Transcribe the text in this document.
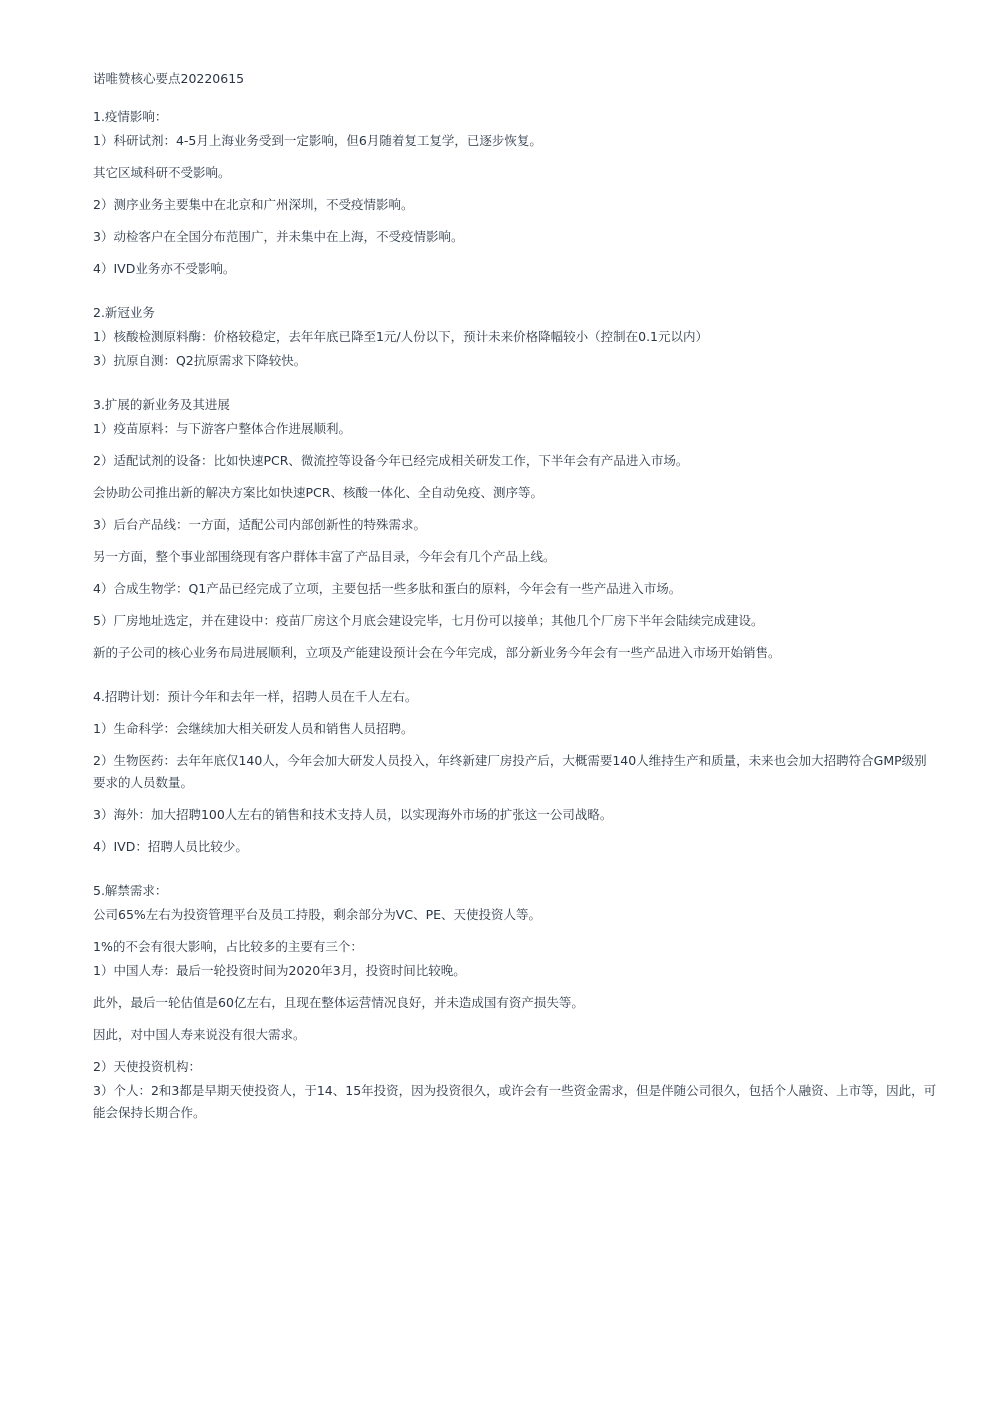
诺唯赞核心要点20220615

1.疫情影响：

1）科研试剂：4-5月上海业务受到一定影响，但6月随着复工复学，已逐步恢复。

其它区域科研不受影响。

2）测序业务主要集中在北京和广州深圳，不受疫情影响。

3）动检客户在全国分布范围广，并未集中在上海，不受疫情影响。

4）IVD业务亦不受影响。

2.新冠业务

1）核酸检测原料酶：价格较稳定，去年年底已降至1元/人份以下，预计未来价格降幅较小（控制在0.1元以内）

3）抗原自测：Q2抗原需求下降较快。

3.扩展的新业务及其进展

1）疫苗原料：与下游客户整体合作进展顺利。

2）适配试剂的设备：比如快速PCR、微流控等设备今年已经完成相关研发工作，下半年会有产品进入市场。

会协助公司推出新的解决方案比如快速PCR、核酸一体化、全自动免疫、测序等。

3）后台产品线：一方面，适配公司内部创新性的特殊需求。

另一方面，整个事业部围绕现有客户群体丰富了产品目录，今年会有几个产品上线。

4）合成生物学：Q1产品已经完成了立项，主要包括一些多肽和蛋白的原料，今年会有一些产品进入市场。

5）厂房地址选定，并在建设中：疫苗厂房这个月底会建设完毕，七月份可以接单；其他几个厂房下半年会陆续完成建设。

新的子公司的核心业务布局进展顺利，立项及产能建设预计会在今年完成，部分新业务今年会有一些产品进入市场开始销售。

4.招聘计划：预计今年和去年一样，招聘人员在千人左右。

1）生命科学：会继续加大相关研发人员和销售人员招聘。

2）生物医药：去年年底仅140人，今年会加大研发人员投入，年终新建厂房投产后，大概需要140人维持生产和质量，未来也会加大招聘符合GMP级别要求的人员数量。

3）海外：加大招聘100人左右的销售和技术支持人员，以实现海外市场的扩张这一公司战略。

4）IVD：招聘人员比较少。

5.解禁需求：

公司65%左右为投资管理平台及员工持股，剩余部分为VC、PE、天使投资人等。

1%的不会有很大影响，占比较多的主要有三个：

1）中国人寿：最后一轮投资时间为2020年3月，投资时间比较晚。

此外，最后一轮估值是60亿左右，且现在整体运营情况良好，并未造成国有资产损失等。

因此，对中国人寿来说没有很大需求。

2）天使投资机构：

3）个人：2和3都是早期天使投资人，于14、15年投资，因为投资很久，或许会有一些资金需求，但是伴随公司很久，包括个人融资、上市等，因此，可能会保持长期合作。
